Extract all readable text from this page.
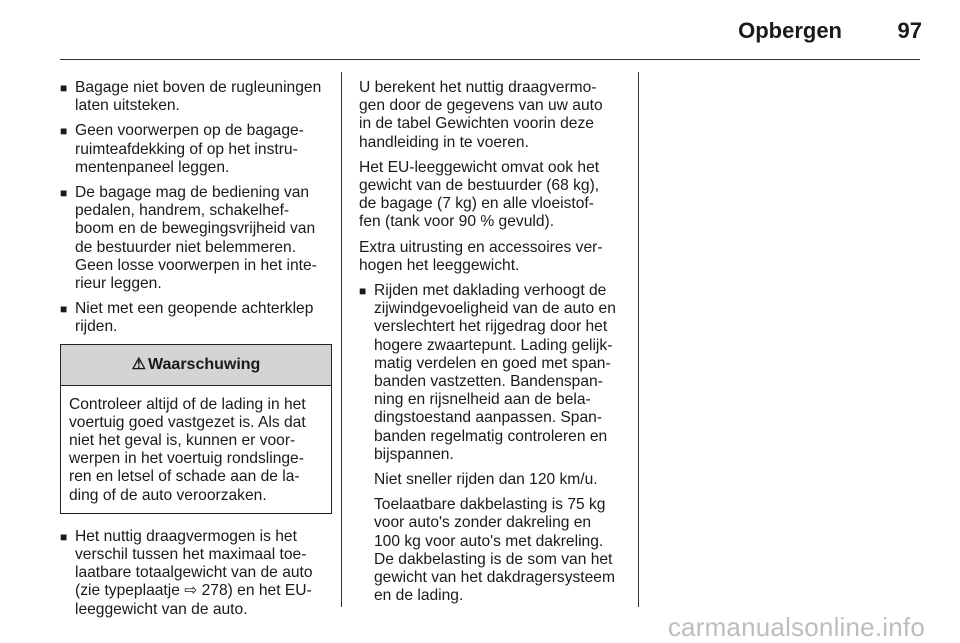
Opbergen	97
■ Bagage niet boven de rugleuningen
laten uitsteken.
■ Geen voorwerpen op de bagage-
ruimteafdekking of op het instru-
mentenpaneel leggen.
■ De bagage mag de bediening van
pedalen, handrem, schakelhef-
boom en de bewegingsvrijheid van
de bestuurder niet belemmeren.
Geen losse voorwerpen in het inte-
rieur leggen.
■ Niet met een geopende achterklep
rijden.
⚠ Waarschuwing
Controleer altijd of de lading in het
voertuig goed vastgezet is. Als dat
niet het geval is, kunnen er voor-
werpen in het voertuig rondslinge-
ren en letsel of schade aan de la-
ding of de auto veroorzaken.
■ Het nuttig draagvermogen is het
verschil tussen het maximaal toe-
laatbare totaalgewicht van de auto
(zie typeplaatje ⇨ 278) en het EU-
leeggewicht van de auto.
U berekent het nuttig draagvermo-
gen door de gegevens van uw auto
in de tabel Gewichten voorin deze
handleiding in te voeren.
Het EU-leeggewicht omvat ook het
gewicht van de bestuurder (68 kg),
de bagage (7 kg) en alle vloeistof-
fen (tank voor 90 % gevuld).
Extra uitrusting en accessoires ver-
hogen het leeggewicht.
■ Rijden met daklading verhoogt de
zijwindgevoeligheid van de auto en
verslechtert het rijgedrag door het
hogere zwaartepunt. Lading gelijk-
matig verdelen en goed met span-
banden vastzetten. Bandenspan-
ning en rijsnelheid aan de bela-
dingstoestand aanpassen. Span-
banden regelmatig controleren en
bijspannen.
Niet sneller rijden dan 120 km/u.
Toelaatbare dakbelasting is 75 kg
voor auto's zonder dakreling en
100 kg voor auto's met dakreling.
De dakbelasting is de som van het
gewicht van het dakdragersysteem
en de lading.
carmanualsonline.info
